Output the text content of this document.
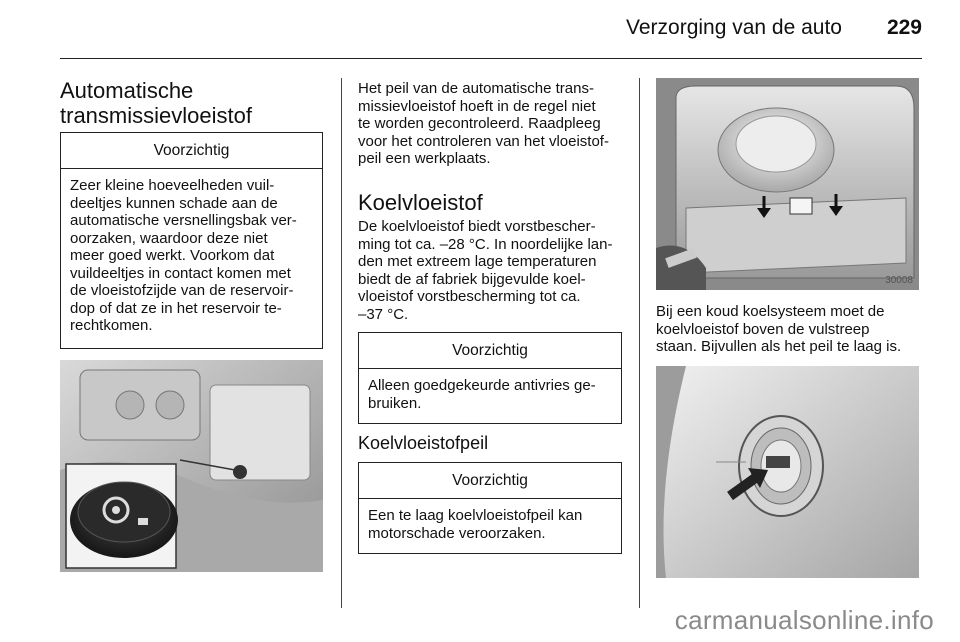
Verzorging van de auto 229
Automatische
transmissievloeistof

Voorzichtig

Zeer kleine hoeveelheden vuil-
deeltjes kunnen schade aan de
automatische versnellingsbak ver-
oorzaken, waardoor deze niet
meer goed werkt. Voorkom dat
vuildeeltjes in contact komen met
de vloeistofzijde van de reservoir-
dop of dat ze in het reservoir te-
rechtkomen.

Het peil van de automatische trans-
missievloeistof hoeft in de regel niet
te worden gecontroleerd. Raadpleeg
voor het controleren van het vloeistof-
peil een werkplaats.

Koelvloeistof

De koelvloeistof biedt vorstbescher-
ming tot ca. –28 °C. In noordelijke lan-
den met extreem lage temperaturen
biedt de af fabriek bijgevulde koel-
vloeistof vorstbescherming tot ca.
–37 °C.

Voorzichtig

Alleen goedgekeurde antivries ge-
bruiken.

Koelvloeistofpeil

Voorzichtig

Een te laag koelvloeistofpeil kan
motorschade veroorzaken.

30008

Bij een koud koelsysteem moet de
koelvloeistof boven de vulstreep
staan. Bijvullen als het peil te laag is.

carmanualsonline.info
